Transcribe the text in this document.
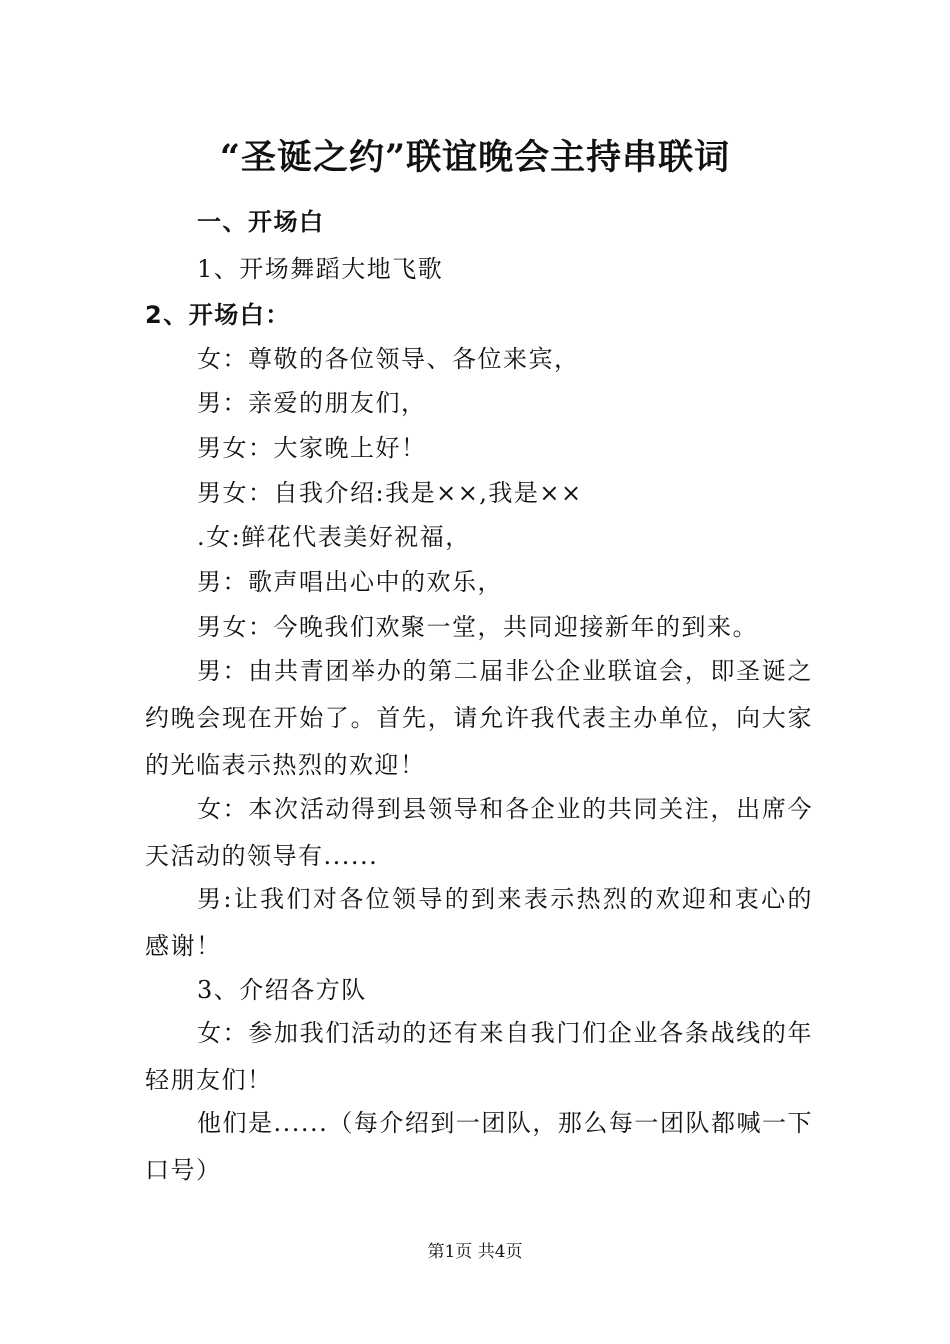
“圣诞之约”联谊晚会主持串联词
一、开场白
1、开场舞蹈大地飞歌
2、开场白：
女：尊敬的各位领导、各位来宾，
男：亲爱的朋友们，
男女：大家晚上好！
男女：自我介绍:我是××,我是××
.女:鲜花代表美好祝福，
男：歌声唱出心中的欢乐，
男女：今晚我们欢聚一堂，共同迎接新年的到来。

男：由共青团举办的第二届非公企业联谊会，即圣诞之约晚会现在开始了。首先，请允许我代表主办单位，向大家的光临表示热烈的欢迎！

女：本次活动得到县领导和各企业的共同关注，出席今天活动的领导有......

男:让我们对各位领导的到来表示热烈的欢迎和衷心的感谢！

3、介绍各方队

女：参加我们活动的还有来自我门们企业各条战线的年轻朋友们！

他们是......（每介绍到一团队，那么每一团队都喊一下口号）

第1页 共4页
